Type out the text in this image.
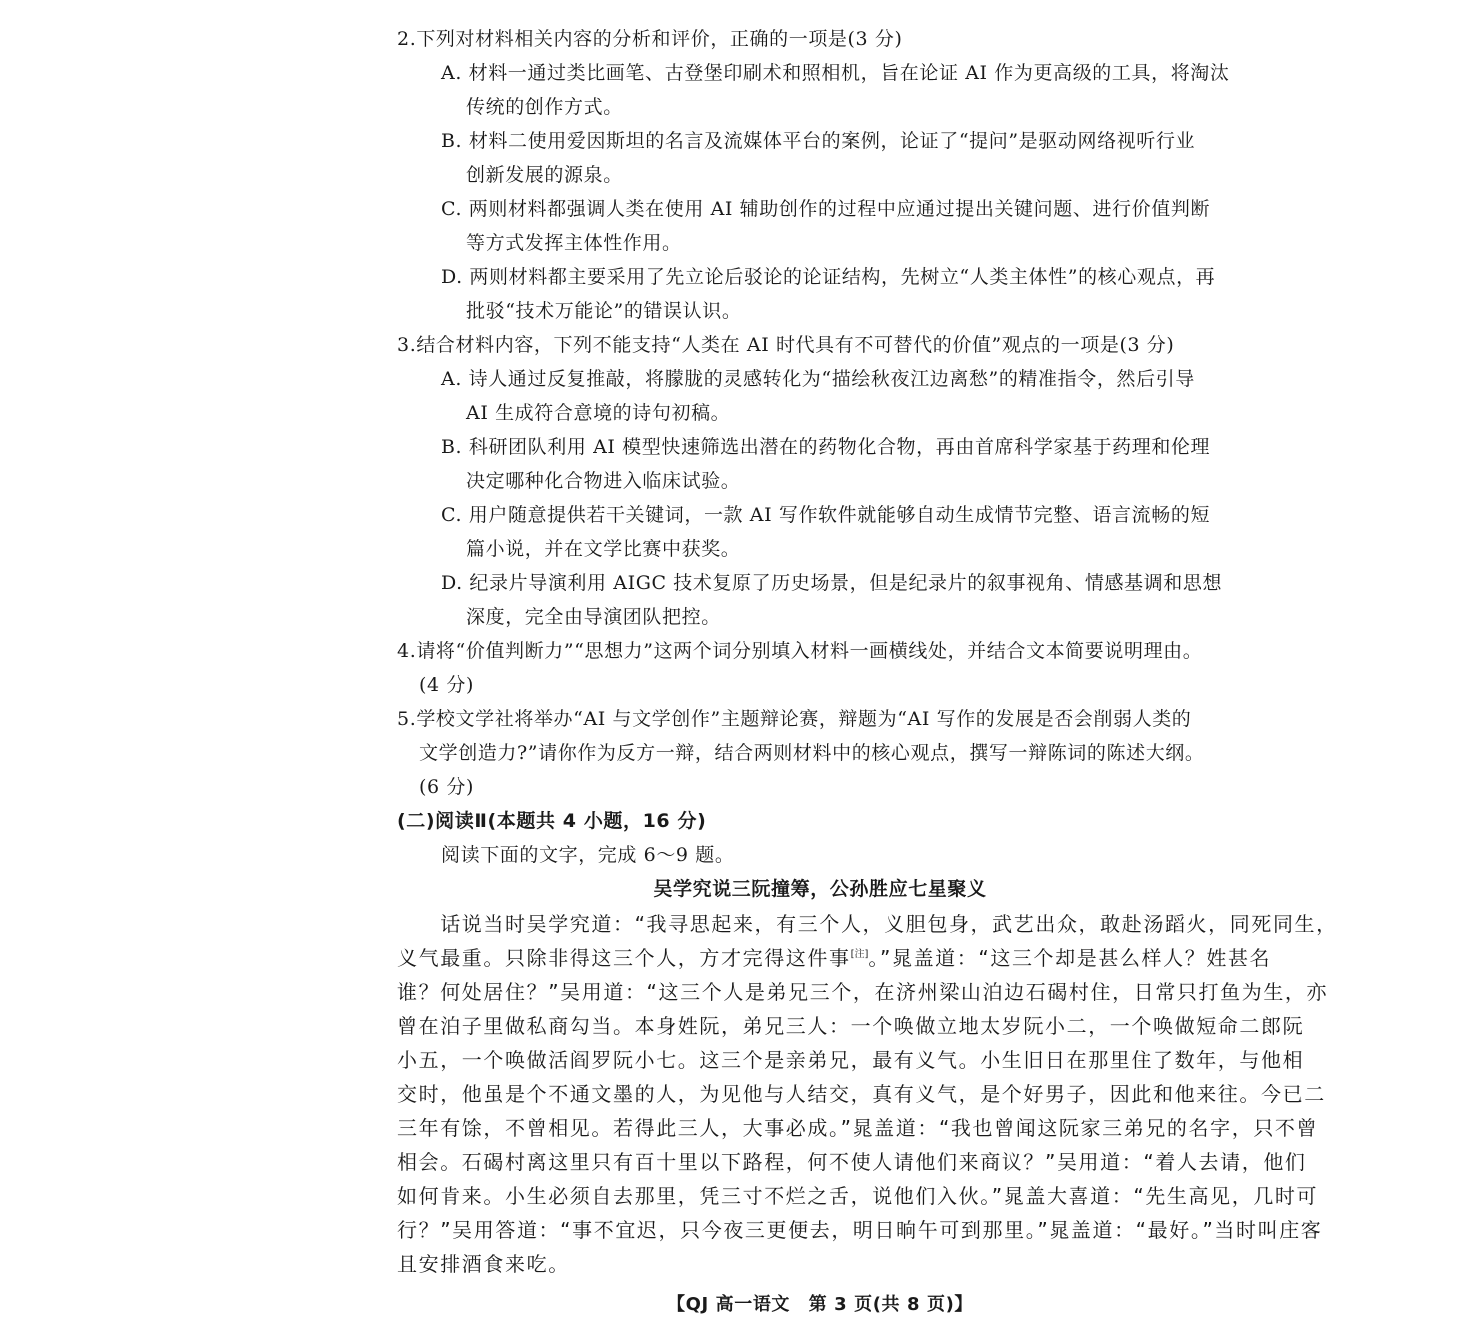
2.下列对材料相关内容的分析和评价，正确的一项是(3 分)
A. 材料一通过类比画笔、古登堡印刷术和照相机，旨在论证 AI 作为更高级的工具，将淘汰
传统的创作方式。
B. 材料二使用爱因斯坦的名言及流媒体平台的案例，论证了“提问”是驱动网络视听行业
创新发展的源泉。
C. 两则材料都强调人类在使用 AI 辅助创作的过程中应通过提出关键问题、进行价值判断
等方式发挥主体性作用。
D. 两则材料都主要采用了先立论后驳论的论证结构，先树立“人类主体性”的核心观点，再
批驳“技术万能论”的错误认识。
3.结合材料内容，下列不能支持“人类在 AI 时代具有不可替代的价值”观点的一项是(3 分)
A. 诗人通过反复推敲，将朦胧的灵感转化为“描绘秋夜江边离愁”的精准指令，然后引导
AI 生成符合意境的诗句初稿。
B. 科研团队利用 AI 模型快速筛选出潜在的药物化合物，再由首席科学家基于药理和伦理
决定哪种化合物进入临床试验。
C. 用户随意提供若干关键词，一款 AI 写作软件就能够自动生成情节完整、语言流畅的短
篇小说，并在文学比赛中获奖。
D. 纪录片导演利用 AIGC 技术复原了历史场景，但是纪录片的叙事视角、情感基调和思想
深度，完全由导演团队把控。
4.请将“价值判断力”“思想力”这两个词分别填入材料一画横线处，并结合文本简要说明理由。
(4 分)
5.学校文学社将举办“AI 与文学创作”主题辩论赛，辩题为“AI 写作的发展是否会削弱人类的
文学创造力?”请你作为反方一辩，结合两则材料中的核心观点，撰写一辩陈词的陈述大纲。
(6 分)
(二)阅读Ⅱ(本题共 4 小题，16 分)
阅读下面的文字，完成 6～9 题。
吴学究说三阮撞筹，公孙胜应七星聚义
　　话说当时吴学究道：“我寻思起来，有三个人，义胆包身，武艺出众，敢赴汤蹈火，同死同生，
义气最重。只除非得这三个人，方才完得这件事[注]。”晁盖道：“这三个却是甚么样人？姓甚名
谁？何处居住？”吴用道：“这三个人是弟兄三个，在济州梁山泊边石碣村住，日常只打鱼为生，亦
曾在泊子里做私商勾当。本身姓阮，弟兄三人：一个唤做立地太岁阮小二，一个唤做短命二郎阮
小五，一个唤做活阎罗阮小七。这三个是亲弟兄，最有义气。小生旧日在那里住了数年，与他相
交时，他虽是个不通文墨的人，为见他与人结交，真有义气，是个好男子，因此和他来往。今已二
三年有馀，不曾相见。若得此三人，大事必成。”晁盖道：“我也曾闻这阮家三弟兄的名字，只不曾
相会。石碣村离这里只有百十里以下路程，何不使人请他们来商议？”吴用道：“着人去请，他们
如何肯来。小生必须自去那里，凭三寸不烂之舌，说他们入伙。”晁盖大喜道：“先生高见，几时可
行？”吴用答道：“事不宜迟，只今夜三更便去，明日晌午可到那里。”晁盖道：“最好。”当时叫庄客
且安排酒食来吃。
【QJ 高一语文　第 3 页(共 8 页)】
